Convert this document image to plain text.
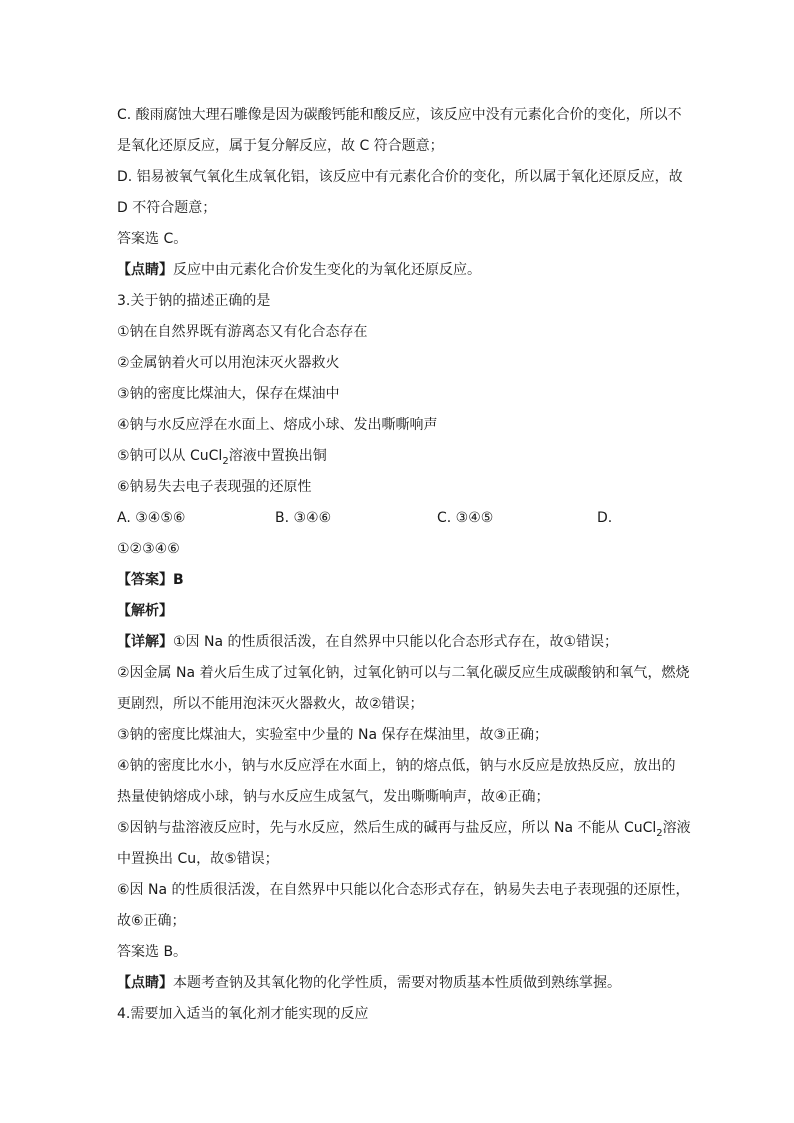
C. 酸雨腐蚀大理石雕像是因为碳酸钙能和酸反应，该反应中没有元素化合价的变化，所以不
是氧化还原反应，属于复分解反应，故 C 符合题意；
D. 铝易被氧气氧化生成氧化铝，该反应中有元素化合价的变化，所以属于氧化还原反应，故
D 不符合题意；
答案选 C。
【点睛】反应中由元素化合价发生变化的为氧化还原反应。
3.关于钠的描述正确的是
①钠在自然界既有游离态又有化合态存在
②金属钠着火可以用泡沫灭火器救火
③钠的密度比煤油大，保存在煤油中
④钠与水反应浮在水面上、熔成小球、发出嘶嘶响声
⑤钠可以从 CuCl$_2$溶液中置换出铜
⑥钠易失去电子表现强的还原性
A. ③④⑤⑥	B. ③④⑥	C. ③④⑤	D.
①②③④⑥
【答案】B
【解析】
【详解】①因 Na 的性质很活泼，在自然界中只能以化合态形式存在，故①错误；
②因金属 Na 着火后生成了过氧化钠，过氧化钠可以与二氧化碳反应生成碳酸钠和氧气，燃烧
更剧烈，所以不能用泡沫灭火器救火，故②错误；
③钠的密度比煤油大，实验室中少量的 Na 保存在煤油里，故③正确；
④钠的密度比水小，钠与水反应浮在水面上，钠的熔点低，钠与水反应是放热反应，放出的
热量使钠熔成小球，钠与水反应生成氢气，发出嘶嘶响声，故④正确；
⑤因钠与盐溶液反应时，先与水反应，然后生成的碱再与盐反应，所以 Na 不能从 CuCl$_2$溶液
中置换出 Cu，故⑤错误；
⑥因 Na 的性质很活泼，在自然界中只能以化合态形式存在，钠易失去电子表现强的还原性，
故⑥正确；
答案选 B。
【点睛】本题考查钠及其氧化物的化学性质，需要对物质基本性质做到熟练掌握。
4.需要加入适当的氧化剂才能实现的反应
